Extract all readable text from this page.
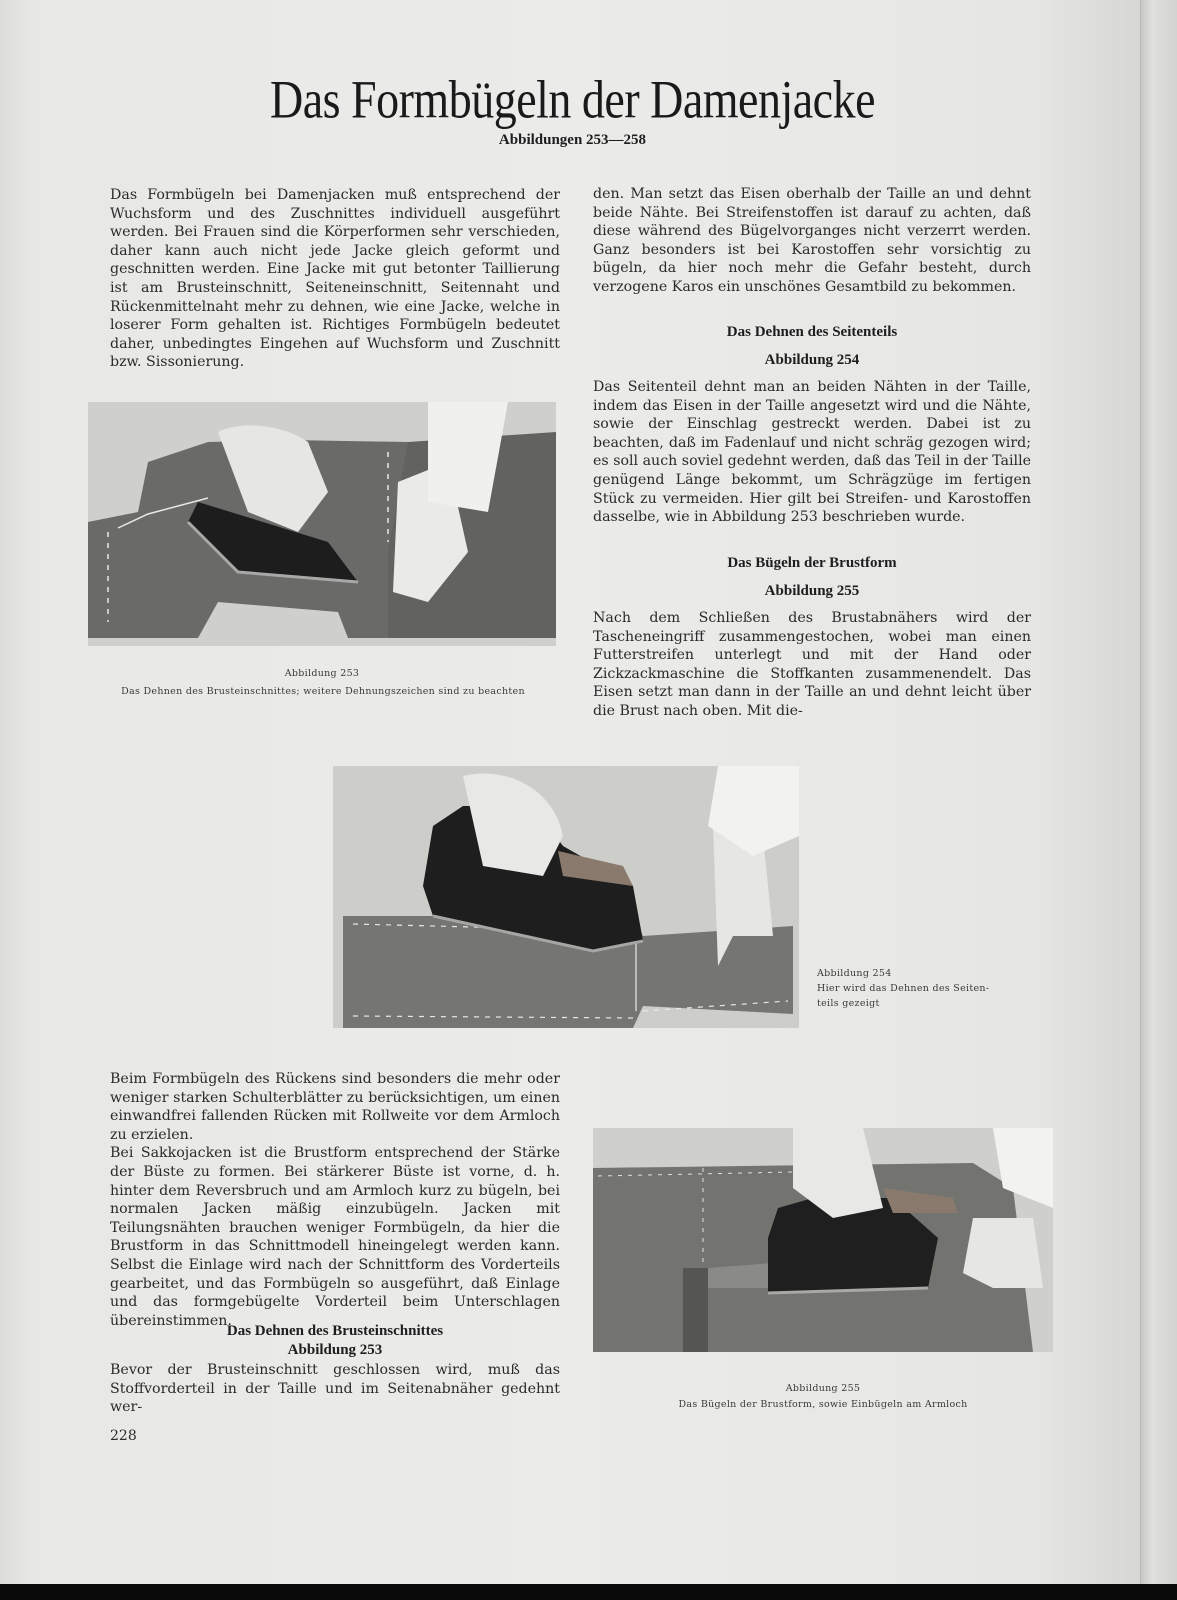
Das Formbügeln der Damenjacke
Abbildungen 253—258

Das Formbügeln bei Damenjacken muß entsprechend der Wuchsform und des Zuschnittes individuell ausgeführt werden. Bei Frauen sind die Körperformen sehr verschieden, daher kann auch nicht jede Jacke gleich geformt und geschnitten werden. Eine Jacke mit gut betonter Taillierung ist am Brusteinschnitt, Seiteneinschnitt, Seitennaht und Rückenmittelnaht mehr zu dehnen, wie eine Jacke, welche in loserer Form gehalten ist. Richtiges Formbügeln bedeutet daher, unbedingtes Eingehen auf Wuchsform und Zuschnitt bzw. Sissonierung.

Abbildung 253
Das Dehnen des Brusteinschnittes; weitere Dehnungszeichen sind zu beachten

den. Man setzt das Eisen oberhalb der Taille an und dehnt beide Nähte. Bei Streifenstoffen ist darauf zu achten, daß diese während des Bügelvorganges nicht verzerrt werden. Ganz besonders ist bei Karostoffen sehr vorsichtig zu bügeln, da hier noch mehr die Gefahr besteht, durch verzogene Karos ein unschönes Gesamtbild zu bekommen.

Das Dehnen des Seitenteils
Abbildung 254

Das Seitenteil dehnt man an beiden Nähten in der Taille, indem das Eisen in der Taille angesetzt wird und die Nähte, sowie der Einschlag gestreckt werden. Dabei ist zu beachten, daß im Fadenlauf und nicht schräg gezogen wird; es soll auch soviel gedehnt werden, daß das Teil in der Taille genügend Länge bekommt, um Schrägzüge im fertigen Stück zu vermeiden. Hier gilt bei Streifen- und Karostoffen dasselbe, wie in Abbildung 253 beschrieben wurde.

Das Bügeln der Brustform
Abbildung 255

Nach dem Schließen des Brustabnähers wird der Tascheneingriff zusammengestochen, wobei man einen Futterstreifen unterlegt und mit der Hand oder Zickzackmaschine die Stoffkanten zusammenendelt. Das Eisen setzt man dann in der Taille an und dehnt leicht über die Brust nach oben. Mit die-

Abbildung 254
Hier wird das Dehnen des Seiten-
teils gezeigt

Beim Formbügeln des Rückens sind besonders die mehr oder weniger starken Schulterblätter zu berücksichtigen, um einen einwandfrei fallenden Rücken mit Rollweite vor dem Armloch zu erzielen.

Bei Sakkojacken ist die Brustform entsprechend der Stärke der Büste zu formen. Bei stärkerer Büste ist vorne, d. h. hinter dem Reversbruch und am Armloch kurz zu bügeln, bei normalen Jacken mäßig einzubügeln. Jacken mit Teilungsnähten brauchen weniger Formbügeln, da hier die Brustform in das Schnittmodell hineingelegt werden kann. Selbst die Einlage wird nach der Schnittform des Vorderteils gearbeitet, und das Formbügeln so ausgeführt, daß Einlage und das formgebügelte Vorderteil beim Unterschlagen übereinstimmen.

Das Dehnen des Brusteinschnittes
Abbildung 253

Bevor der Brusteinschnitt geschlossen wird, muß das Stoffvorderteil in der Taille und im Seitenabnäher gedehnt wer-

Abbildung 255
Das Bügeln der Brustform, sowie Einbügeln am Armloch
228
